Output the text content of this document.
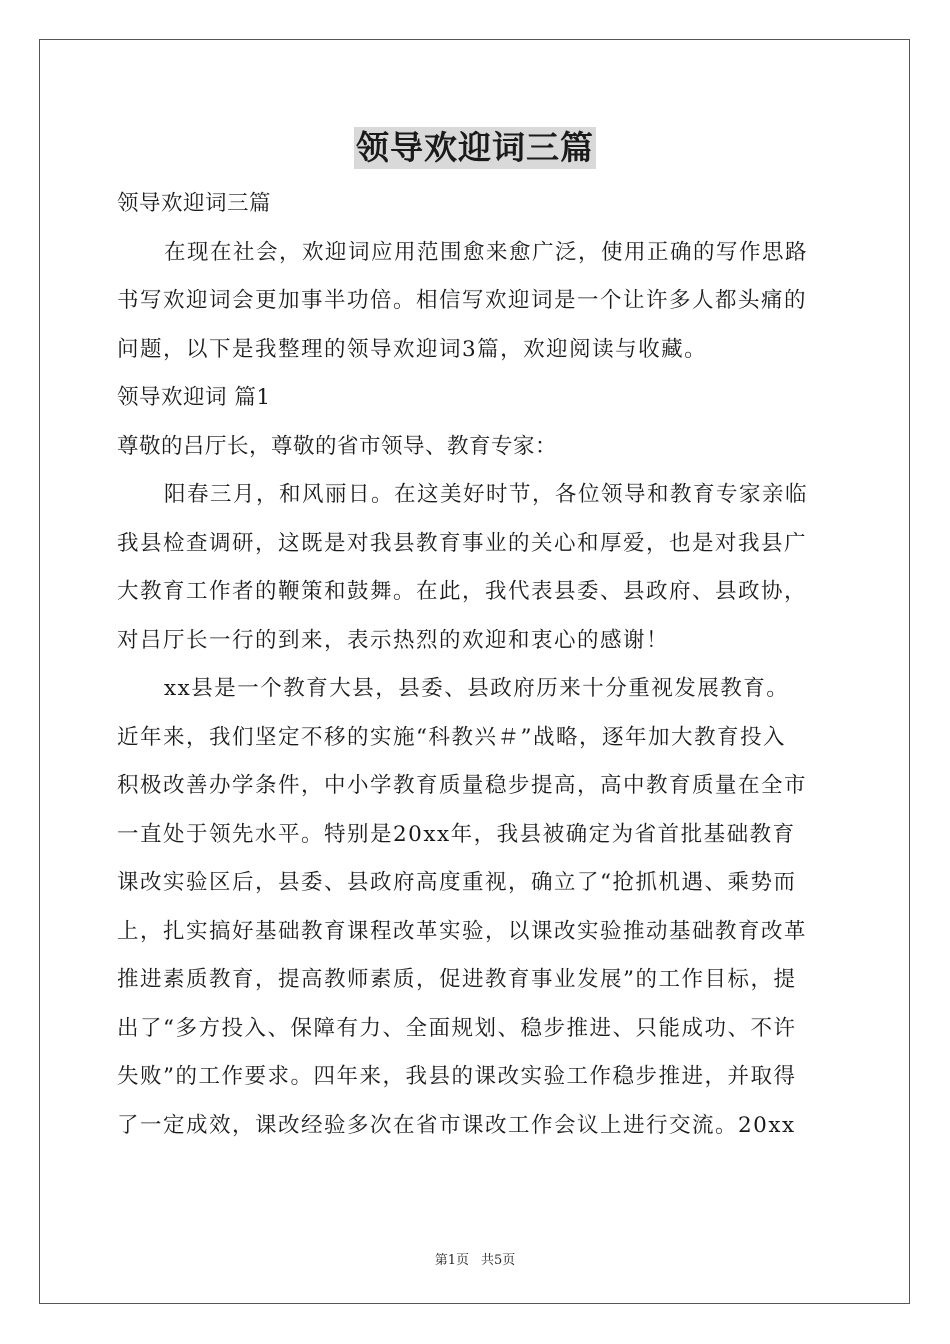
领导欢迎词三篇
领导欢迎词三篇
在现在社会，欢迎词应用范围愈来愈广泛，使用正确的写作思路
书写欢迎词会更加事半功倍。相信写欢迎词是一个让许多人都头痛的
问题，以下是我整理的领导欢迎词3篇，欢迎阅读与收藏。
领导欢迎词 篇1
尊敬的吕厅长，尊敬的省市领导、教育专家：
阳春三月，和风丽日。在这美好时节，各位领导和教育专家亲临
我县检查调研，这既是对我县教育事业的关心和厚爱，也是对我县广
大教育工作者的鞭策和鼓舞。在此，我代表县委、县政府、县政协，
对吕厅长一行的到来，表示热烈的欢迎和衷心的感谢！
xx县是一个教育大县，县委、县政府历来十分重视发展教育。
近年来，我们坚定不移的实施“科教兴＃”战略，逐年加大教育投入
积极改善办学条件，中小学教育质量稳步提高，高中教育质量在全市
一直处于领先水平。特别是20xx年，我县被确定为省首批基础教育
课改实验区后，县委、县政府高度重视，确立了“抢抓机遇、乘势而
上，扎实搞好基础教育课程改革实验，以课改实验推动基础教育改革
推进素质教育，提高教师素质，促进教育事业发展”的工作目标，提
出了“多方投入、保障有力、全面规划、稳步推进、只能成功、不许
失败”的工作要求。四年来，我县的课改实验工作稳步推进，并取得
了一定成效，课改经验多次在省市课改工作会议上进行交流。20xx
第1页 共5页
